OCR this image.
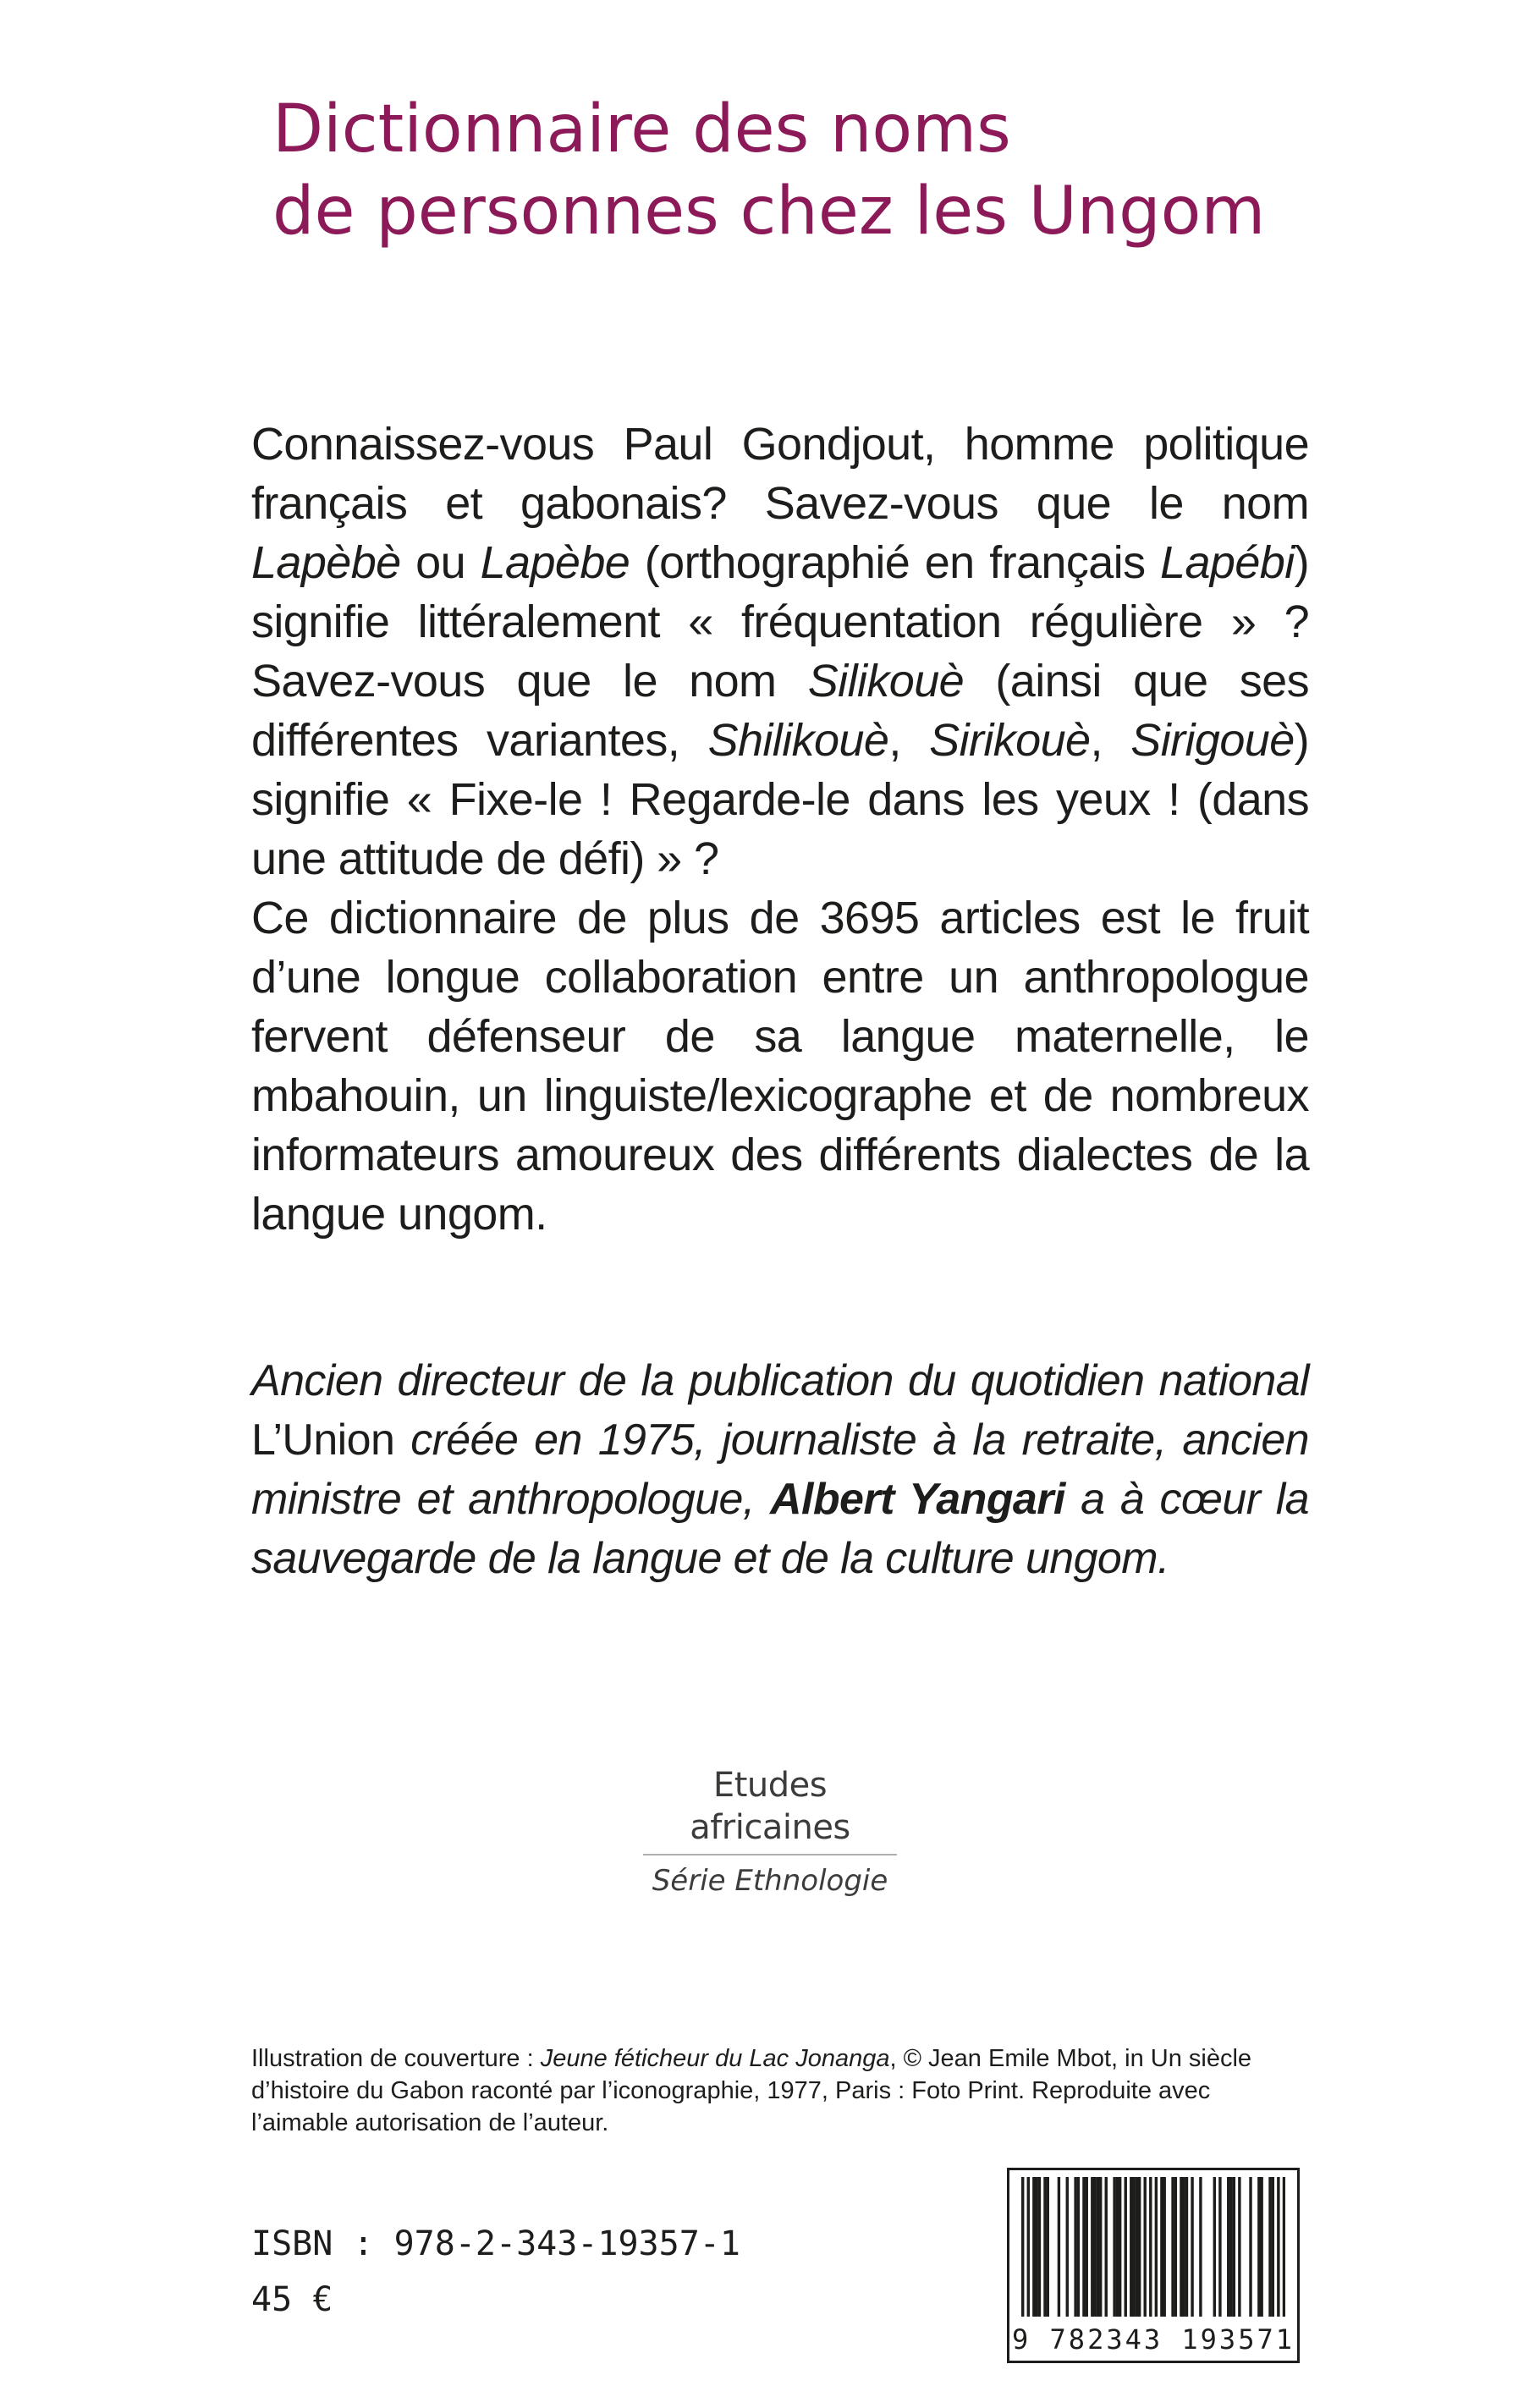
Dictionnaire des noms
de personnes chez les Ungom

Connaissez-vous Paul Gondjout, homme politique français et gabonais? Savez-vous que le nom Lapèbè ou Lapèbe (orthographié en français Lapébi) signifie littéralement « fréquentation régulière » ? Savez-vous que le nom Silikouè (ainsi que ses différentes variantes, Shilikouè, Sirikouè, Sirigouè) signifie « Fixe-le ! Regarde-le dans les yeux ! (dans une attitude de défi) » ?

Ce dictionnaire de plus de 3695 articles est le fruit d’une longue collaboration entre un anthropologue fervent défenseur de sa langue maternelle, le mbahouin, un linguiste/lexicographe et de nombreux informateurs amoureux des différents dialectes de la langue ungom.

Ancien directeur de la publication du quotidien national L’Union créée en 1975, journaliste à la retraite, ancien ministre et anthropologue, Albert Yangari a à cœur la sauvegarde de la langue et de la culture ungom.
Etudes africaines
Série Ethnologie
Illustration de couverture : Jeune féticheur du Lac Jonanga, © Jean Emile Mbot, in Un siècle d’histoire du Gabon raconté par l’iconographie, 1977, Paris : Foto Print. Reproduite avec l’aimable autorisation de l’auteur.
ISBN : 978-2-343-19357-1
45 €
9 782343 193571
